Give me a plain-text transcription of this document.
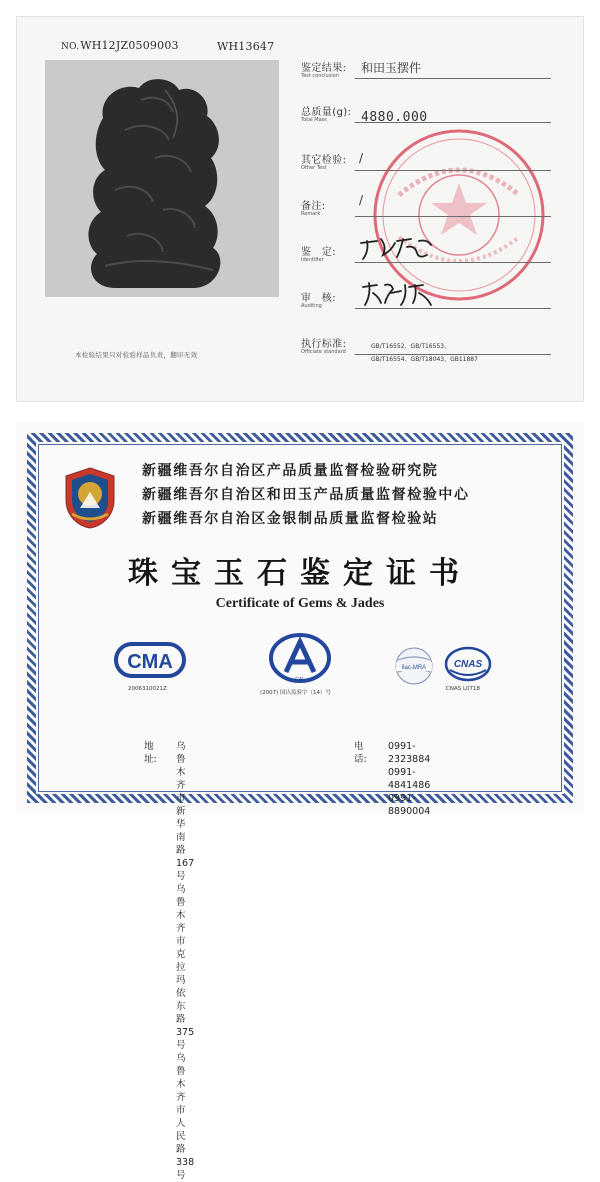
NO.WH12JZ0509003	WH13647
本检验结果只对检验样品负责，翻印无效
鉴定结果:
Test conclusion
和田玉摆件
总质量(g):
Total Mass	4880.000
其它检验:
Other Test
/
备注:
Remark
/
鉴　定:
Identifier
审　核:
Auditing
执行标准:
Officiate standard
GB/T16552、GB/T16553、
GB/T16554、GB/T18043、GB11887
新疆维吾尔自治区产品质量监督检验研究院
新疆维吾尔自治区和田玉产品质量监督检验中心
新疆维吾尔自治区金银制品质量监督检验站
珠宝玉石鉴定证书
Certificate of Gems & Jades
CMA
2006310021Z
CAL
(2007) 国认监验字（14）号
ilac-MRA	CNAS
CNAS L0718
地址:
乌鲁木齐市新华南路167号
乌鲁木齐市克拉玛依东路375号
乌鲁木齐市人民路338号
电话:
0991-2323884
0991-4841486
0991-8890004
